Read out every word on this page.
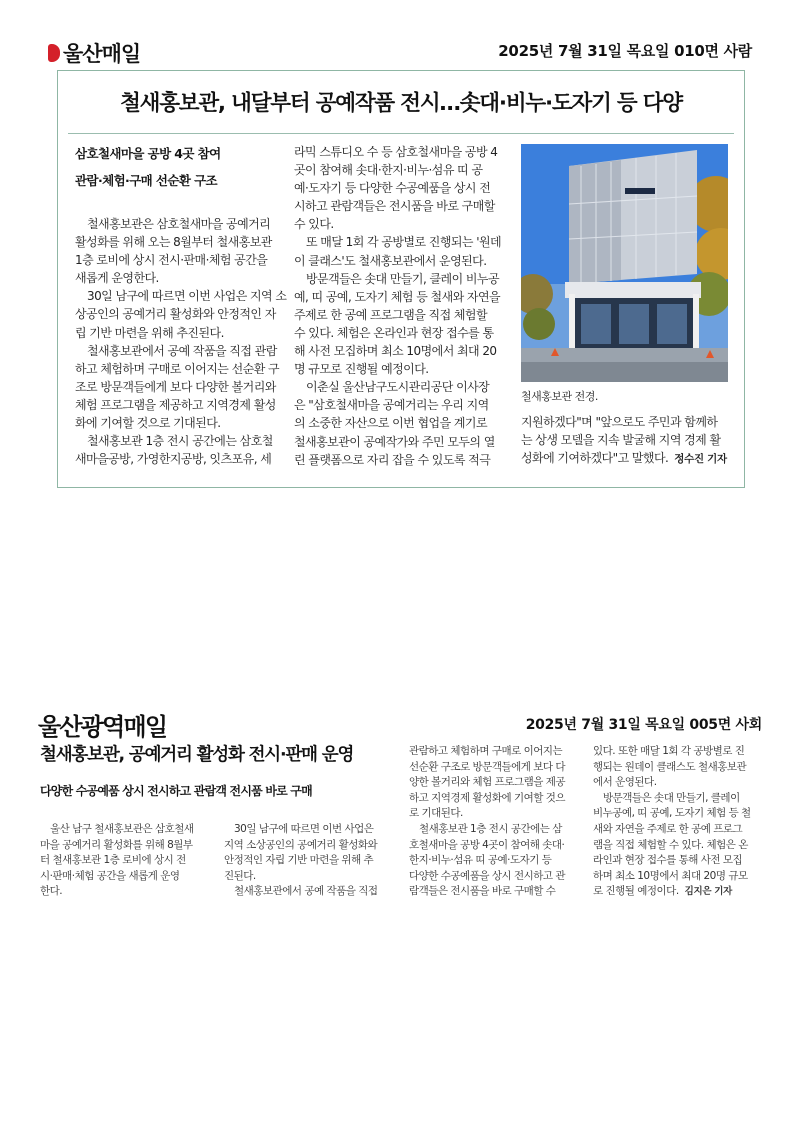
울산매일	2025년 7월 31일 목요일 010면 사람
철새홍보관, 내달부터 공예작품 전시…솟대·비누·도자기 등 다양
삼호철새마을 공방 4곳 참여
관람·체험·구매 선순환 구조
철새홍보관은 삼호철새마을 공예거리
활성화를 위해 오는 8월부터 철새홍보관
1층 로비에 상시 전시·판매·체험 공간을
새롭게 운영한다.
30일 남구에 따르면 이번 사업은 지역 소
상공인의 공예거리 활성화와 안정적인 자
립 기반 마련을 위해 추진된다.
철새홍보관에서 공예 작품을 직접 관람
하고 체험하며 구매로 이어지는 선순환 구
조로 방문객들에게 보다 다양한 볼거리와
체험 프로그램을 제공하고 지역경제 활성
화에 기여할 것으로 기대된다.
철새홍보관 1층 전시 공간에는 삼호철
새마을공방, 가영한지공방, 잇츠포유, 세
라믹 스튜디오 수 등 삼호철새마을 공방 4
곳이 참여해 솟대·한지·비누·섬유 띠 공
예·도자기 등 다양한 수공예품을 상시 전
시하고 관람객들은 전시품을 바로 구매할
수 있다.
또 매달 1회 각 공방별로 진행되는 '원데
이 클래스'도 철새홍보관에서 운영된다.
방문객들은 솟대 만들기, 클레이 비누공
예, 띠 공예, 도자기 체험 등 철새와 자연을
주제로 한 공예 프로그램을 직접 체험할
수 있다. 체험은 온라인과 현장 접수를 통
해 사전 모집하며 최소 10명에서 최대 20
명 규모로 진행될 예정이다.
이춘실 울산남구도시관리공단 이사장
은 "삼호철새마을 공예거리는 우리 지역
의 소중한 자산으로 이번 협업을 계기로
철새홍보관이 공예작가와 주민 모두의 열
린 플랫폼으로 자리 잡을 수 있도록 적극
철새홍보관 전경.
지원하겠다"며 "앞으로도 주민과 함께하
는 상생 모델을 지속 발굴해 지역 경제 활
성화에 기여하겠다"고 말했다. 정수진 기자
울산광역매일	2025년 7월 31일 목요일 005면 사회
철새홍보관, 공예거리 활성화 전시·판매 운영
다양한 수공예품 상시 전시하고 관람객 전시품 바로 구매
울산 남구 철새홍보관은 삼호철새
마을 공예거리 활성화를 위해 8월부
터 철새홍보관 1층 로비에 상시 전
시·판매·체험 공간을 새롭게 운영
한다.
30일 남구에 따르면 이번 사업은
지역 소상공인의 공예거리 활성화와
안정적인 자립 기반 마련을 위해 추
진된다.
철새홍보관에서 공예 작품을 직접
관람하고 체험하며 구매로 이어지는
선순환 구조로 방문객들에게 보다 다
양한 볼거리와 체험 프로그램을 제공
하고 지역경제 활성화에 기여할 것으
로 기대된다.
철새홍보관 1층 전시 공간에는 삼
호철새마을 공방 4곳이 참여해 솟대·
한지·비누·섬유 띠 공예·도자기 등
다양한 수공예품을 상시 전시하고 관
람객들은 전시품을 바로 구매할 수
있다. 또한 매달 1회 각 공방별로 진
행되는 원데이 클래스도 철새홍보관
에서 운영된다.
방문객들은 솟대 만들기, 클레이
비누공예, 띠 공예, 도자기 체험 등 철
새와 자연을 주제로 한 공예 프로그
램을 직접 체험할 수 있다. 체험은 온
라인과 현장 접수를 통해 사전 모집
하며 최소 10명에서 최대 20명 규모
로 진행될 예정이다. 김지은 기자
